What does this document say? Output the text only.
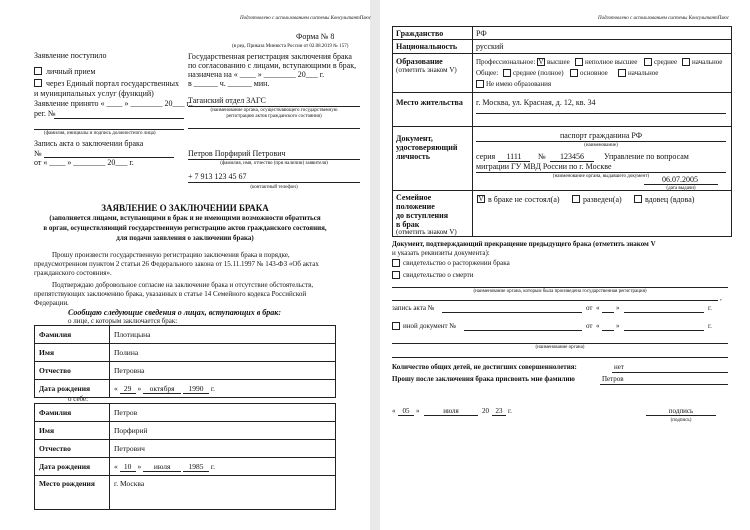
Подготовлено с использованием системы КонсультантПлюс
Форма № 8
(в ред. Приказа Минюста России от 02.08.2019 № 157)
Заявление поступило
личный прием
через Единый портал государственных
и муниципальных услуг (функций)
Заявление принято « ____ » ________ 20___ г.,
рег. №
(фамилия, инициалы и подпись должностного лица)
Запись акта о заключении брака
№
от « ____ » ________ 20___ г.
Государственная регистрация заключения брака
по согласованию с лицами, вступающими в брак,
назначена на « ____ » ________ 20___ г.
в ______ ч. ______ мин.
Таганский отдел ЗАГС
(наименование органа, осуществляющего государственную
регистрацию актов гражданского состояния)
Петров Порфирий Петрович
(фамилия, имя, отчество (при наличии) заявителя)
+ 7 913 123 45 67
(контактный телефон)
ЗАЯВЛЕНИЕ О ЗАКЛЮЧЕНИИ БРАКА
(заполняется лицами, вступающими в брак и не имеющими возможности обратиться
в орган, осуществляющий государственную регистрацию актов гражданского состояния,
для подачи заявления о заключении брака)
Прошу произвести государственную регистрацию заключения брака в порядке,
предусмотренном пунктом 2 статьи 26 Федерального закона от 15.11.1997 № 143-ФЗ «Об актах
гражданского состояния».
Подтверждаю добровольное согласие на заключение брака и отсутствие обстоятельств,
препятствующих заключению брака, указанных в статье 14 Семейного кодекса Российской
Федерации.
Сообщаю следующие сведения о лицах, вступающих в брак:
о лице, с которым заключается брак:
Фамилия	Плотицына
Имя	Полина
Отчество	Петровна
Дата рождения	« 29 » октября 1990 г.
о себе:
Фамилия	Петров
Имя	Порфирий
Отчество	Петрович
Дата рождения	« 10 » июля 1985 г.
Место рождения	г. Москва
Подготовлено с использованием системы КонсультантПлюс
Гражданство	РФ
Национальность русский
Образование
(отметить знаком V)
Профессиональное: V высшее неполное высшее среднее начальное
Общее: среднее (полное) основное	начальное
Не имею образования
Место жительства г. Москва, ул. Красная, д. 12, кв. 34
Документ,
удостоверяющий
личность
паспорт гражданина РФ
(наименование)
серия	1111	№	123456	Управление по вопросам
миграции ГУ МВД России по г. Москве
(наименование органа, выдавшего документ)	06.07.2005
(дата выдачи)
Семейное
положение
до вступления
в брак
(отметить знаком V)
V в браке не состоял(а)	разведен(а)	вдовец (вдова)
Документ, подтверждающий прекращение предыдущего брака (отметить знаком V
и указать реквизиты документа):
свидетельство о расторжении брака
свидетельство о смерти
(наименование органа, которым была произведена государственная регистрация)
,
запись акта №	от « »	г.
иной документ №	от « »	г.
(наименование органа)
Количество общих детей, не достигших совершеннолетия:	нет
Прошу после заключения брака присвоить мне фамилию	Петров
«	05 »	июля	20 23 г.	подпись
(подпись)
